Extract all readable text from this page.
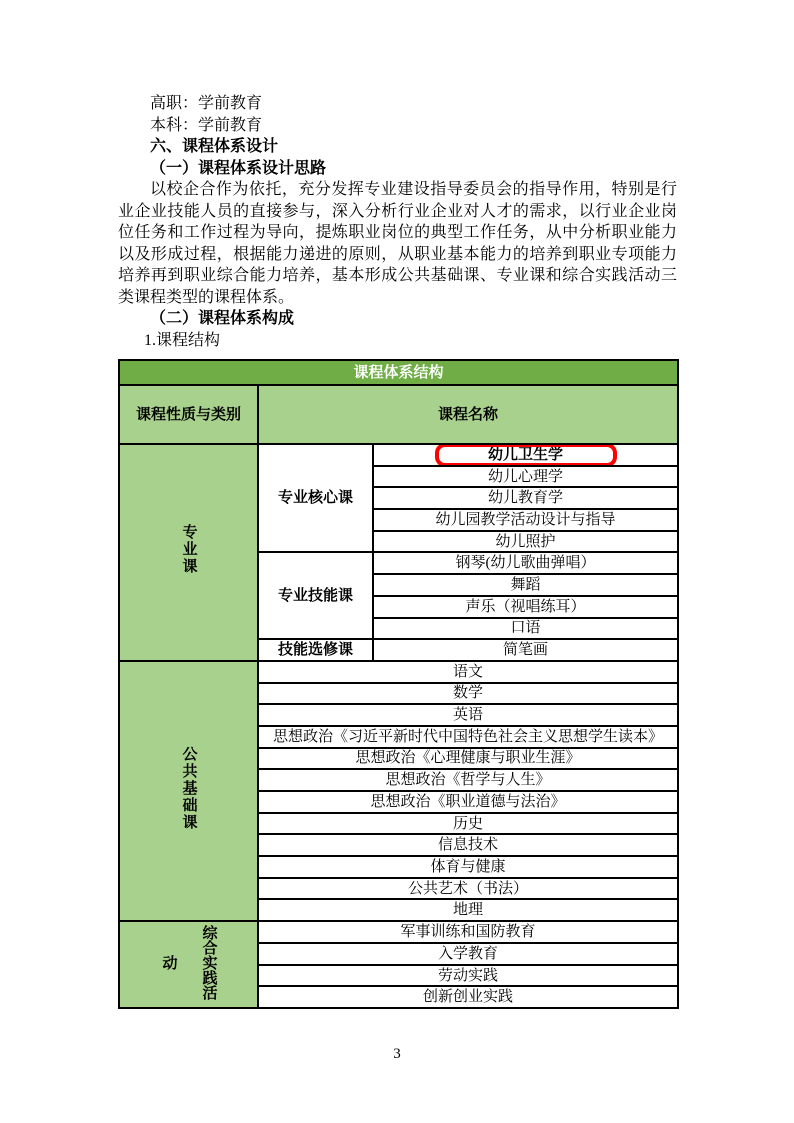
高职：学前教育
本科：学前教育
六、课程体系设计
（一）课程体系设计思路

以校企合作为依托，充分发挥专业建设指导委员会的指导作用，特别是行业企业技能人员的直接参与，深入分析行业企业对人才的需求，以行业企业岗位任务和工作过程为导向，提炼职业岗位的典型工作任务，从中分析职业能力以及形成过程，根据能力递进的原则，从职业基本能力的培养到职业专项能力培养再到职业综合能力培养，基本形成公共基础课、专业课和综合实践活动三类课程类型的课程体系。

（二）课程体系构成
1.课程结构
课程体系结构		
课程性质与类别	课程名称	
专业课	专业核心课	幼儿卫生学

		幼儿心理学
		幼儿教育学
		幼儿园教学活动设计与指导
		幼儿照护
	专业技能课	钢琴(幼儿歌曲弹唱）
		舞蹈
		声乐（视唱练耳）
		口语
	技能选修课	简笔画
公共基础课	语文	
	数学	
	英语	
	思想政治《习近平新时代中国特色社会主义思想学生读本》	
	思想政治《心理健康与职业生涯》	
	思想政治《哲学与人生》	
	思想政治《职业道德与法治》	
	历史	
	信息技术	
	体育与健康	
	公共艺术（书法）	
	地理	
综合实践活动	军事训练和国防教育	
	入学教育	
	劳动实践	
	创新创业实践	
3
